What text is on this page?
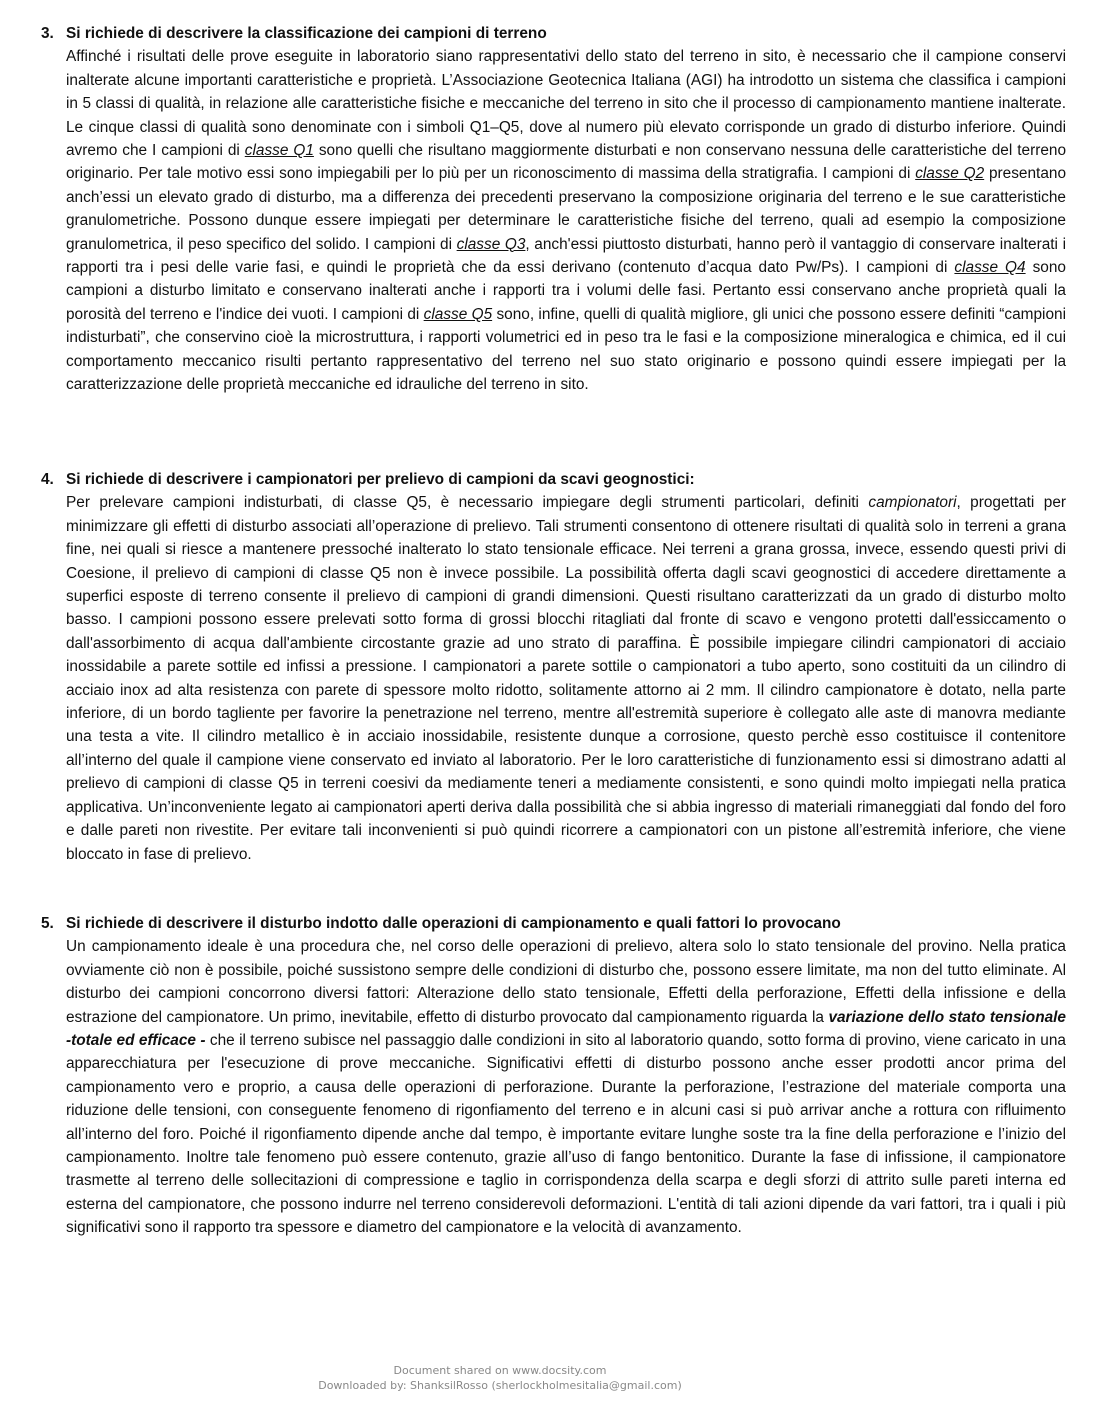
3. Si richiede di descrivere la classificazione dei campioni di terreno

Affinché i risultati delle prove eseguite in laboratorio siano rappresentativi dello stato del terreno in sito, è necessario che il campione conservi inalterate alcune importanti caratteristiche e proprietà. L’Associazione Geotecnica Italiana (AGI) ha introdotto un sistema che classifica i campioni in 5 classi di qualità, in relazione alle caratteristiche fisiche e meccaniche del terreno in sito che il processo di campionamento mantiene inalterate. Le cinque classi di qualità sono denominate con i simboli Q1–Q5, dove al numero più elevato corrisponde un grado di disturbo inferiore. Quindi avremo che I campioni di classe Q1 sono quelli che risultano maggiormente disturbati e non conservano nessuna delle caratteristiche del terreno originario. Per tale motivo essi sono impiegabili per lo più per un riconoscimento di massima della stratigrafia. I campioni di classe Q2 presentano anch’essi un elevato grado di disturbo, ma a differenza dei precedenti preservano la composizione originaria del terreno e le sue caratteristiche granulometriche. Possono dunque essere impiegati per determinare le caratteristiche fisiche del terreno, quali ad esempio la composizione granulometrica, il peso specifico del solido. I campioni di classe Q3, anch'essi piuttosto disturbati, hanno però il vantaggio di conservare inalterati i rapporti tra i pesi delle varie fasi, e quindi le proprietà che da essi derivano (contenuto d’acqua dato Pw/Ps). I campioni di classe Q4 sono campioni a disturbo limitato e conservano inalterati anche i rapporti tra i volumi delle fasi. Pertanto essi conservano anche proprietà quali la porosità del terreno e l'indice dei vuoti. I campioni di classe Q5 sono, infine, quelli di qualità migliore, gli unici che possono essere definiti “campioni indisturbati”, che conservino cioè la microstruttura, i rapporti volumetrici ed in peso tra le fasi e la composizione mineralogica e chimica, ed il cui comportamento meccanico risulti pertanto rappresentativo del terreno nel suo stato originario e possono quindi essere impiegati per la caratterizzazione delle proprietà meccaniche ed idrauliche del terreno in sito.

4. Si richiede di descrivere i campionatori per prelievo di campioni da scavi geognostici:

Per prelevare campioni indisturbati, di classe Q5, è necessario impiegare degli strumenti particolari, definiti campionatori, progettati per minimizzare gli effetti di disturbo associati all’operazione di prelievo. Tali strumenti consentono di ottenere risultati di qualità solo in terreni a grana fine, nei quali si riesce a mantenere pressoché inalterato lo stato tensionale efficace. Nei terreni a grana grossa, invece, essendo questi privi di Coesione, il prelievo di campioni di classe Q5 non è invece possibile. La possibilità offerta dagli scavi geognostici di accedere direttamente a superfici esposte di terreno consente il prelievo di campioni di grandi dimensioni. Questi risultano caratterizzati da un grado di disturbo molto basso. I campioni possono essere prelevati sotto forma di grossi blocchi ritagliati dal fronte di scavo e vengono protetti dall'essiccamento o dall'assorbimento di acqua dall'ambiente circostante grazie ad uno strato di paraffina. È possibile impiegare cilindri campionatori di acciaio inossidabile a parete sottile ed infissi a pressione. I campionatori a parete sottile o campionatori a tubo aperto, sono costituiti da un cilindro di acciaio inox ad alta resistenza con parete di spessore molto ridotto, solitamente attorno ai 2 mm. Il cilindro campionatore è dotato, nella parte inferiore, di un bordo tagliente per favorire la penetrazione nel terreno, mentre all'estremità superiore è collegato alle aste di manovra mediante una testa a vite. Il cilindro metallico è in acciaio inossidabile, resistente dunque a corrosione, questo perchè esso costituisce il contenitore all’interno del quale il campione viene conservato ed inviato al laboratorio. Per le loro caratteristiche di funzionamento essi si dimostrano adatti al prelievo di campioni di classe Q5 in terreni coesivi da mediamente teneri a mediamente consistenti, e sono quindi molto impiegati nella pratica applicativa. Un’inconveniente legato ai campionatori aperti deriva dalla possibilità che si abbia ingresso di materiali rimaneggiati dal fondo del foro e dalle pareti non rivestite. Per evitare tali inconvenienti si può quindi ricorrere a campionatori con un pistone all’estremità inferiore, che viene bloccato in fase di prelievo.

5. Si richiede di descrivere il disturbo indotto dalle operazioni di campionamento e quali fattori lo provocano

Un campionamento ideale è una procedura che, nel corso delle operazioni di prelievo, altera solo lo stato tensionale del provino. Nella pratica ovviamente ciò non è possibile, poiché sussistono sempre delle condizioni di disturbo che, possono essere limitate, ma non del tutto eliminate. Al disturbo dei campioni concorrono diversi fattori: Alterazione dello stato tensionale, Effetti della perforazione, Effetti della infissione e della estrazione del campionatore. Un primo, inevitabile, effetto di disturbo provocato dal campionamento riguarda la variazione dello stato tensionale -totale ed efficace - che il terreno subisce nel passaggio dalle condizioni in sito al laboratorio quando, sotto forma di provino, viene caricato in una apparecchiatura per l'esecuzione di prove meccaniche. Significativi effetti di disturbo possono anche esser prodotti ancor prima del campionamento vero e proprio, a causa delle operazioni di perforazione. Durante la perforazione, l’estrazione del materiale comporta una riduzione delle tensioni, con conseguente fenomeno di rigonfiamento del terreno e in alcuni casi si può arrivar anche a rottura con rifluimento all’interno del foro. Poiché il rigonfiamento dipende anche dal tempo, è importante evitare lunghe soste tra la fine della perforazione e l’inizio del campionamento. Inoltre tale fenomeno può essere contenuto, grazie all’uso di fango bentonitico. Durante la fase di infissione, il campionatore trasmette al terreno delle sollecitazioni di compressione e taglio in corrispondenza della scarpa e degli sforzi di attrito sulle pareti interna ed esterna del campionatore, che possono indurre nel terreno considerevoli deformazioni. L'entità di tali azioni dipende da vari fattori, tra i quali i più significativi sono il rapporto tra spessore e diametro del campionatore e la velocità di avanzamento.

Document shared on www.docsity.com
Downloaded by: ShanksilRosso (sherlockholmesitalia@gmail.com)
